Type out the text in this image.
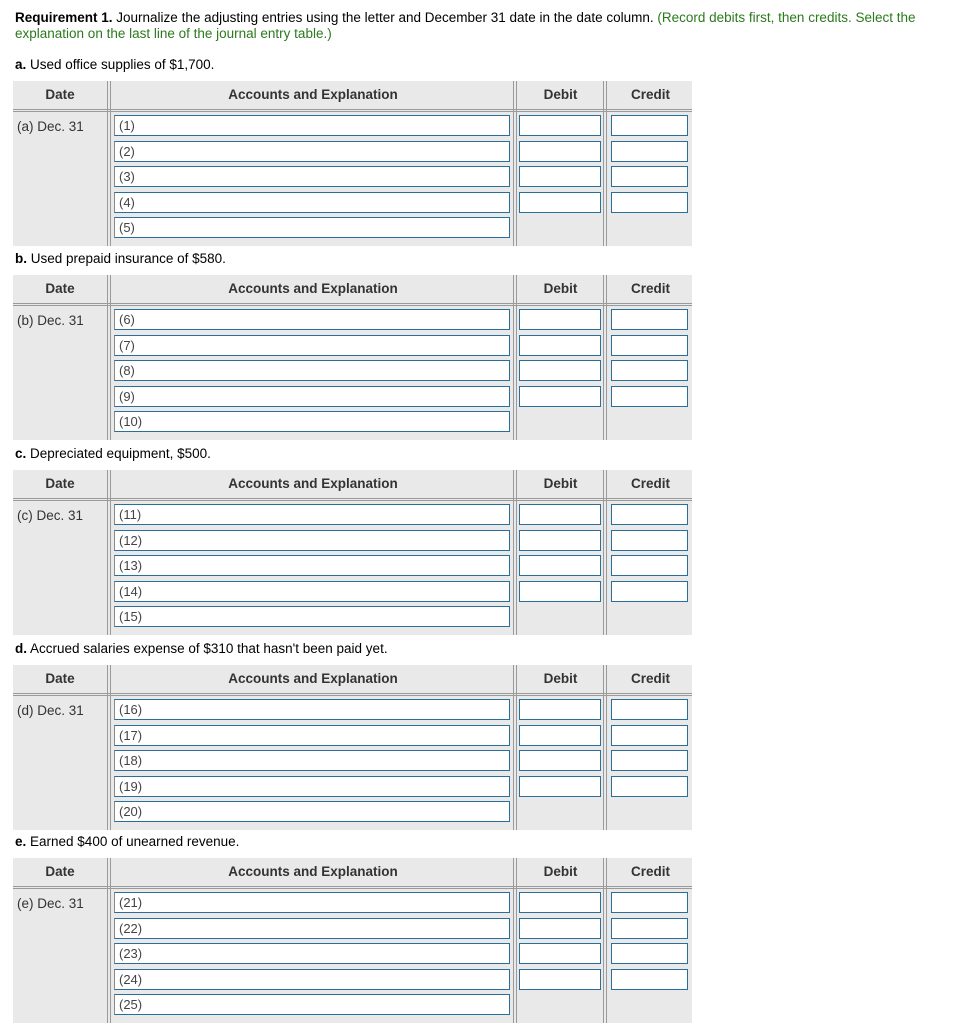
Requirement 1. Journalize the adjusting entries using the letter and December 31 date in the date column. (Record debits first, then credits. Select the explanation on the last line of the journal entry table.)
a. Used office supplies of $1,700.
Date	Accounts and Explanation	Debit	Credit
(a) Dec. 31	(1)
(2)
(3)
(4)
(5)
b. Used prepaid insurance of $580.
Date	Accounts and Explanation	Debit	Credit
(b) Dec. 31	(6)
(7)
(8)
(9)
(10)
c. Depreciated equipment, $500.
Date	Accounts and Explanation	Debit	Credit
(c) Dec. 31	(11)
(12)
(13)
(14)
(15)
d. Accrued salaries expense of $310 that hasn't been paid yet.
Date	Accounts and Explanation	Debit	Credit
(d) Dec. 31	(16)
(17)
(18)
(19)
(20)
e. Earned $400 of unearned revenue.
Date	Accounts and Explanation	Debit	Credit
(e) Dec. 31	(21)
(22)
(23)
(24)
(25)
